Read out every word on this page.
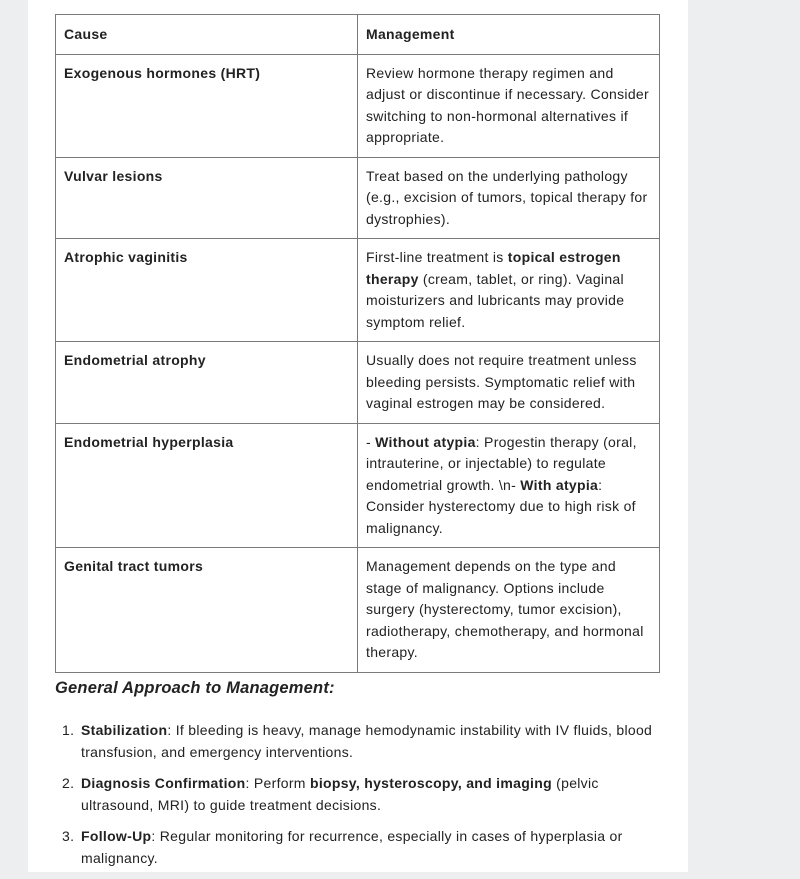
Cause	Management
Exogenous hormones (HRT)	Review hormone therapy regimen and adjust or discontinue if necessary. Consider switching to non-hormonal alternatives if appropriate.
Vulvar lesions	Treat based on the underlying pathology (e.g., excision of tumors, topical therapy for dystrophies).
Atrophic vaginitis	First-line treatment is topical estrogen therapy (cream, tablet, or ring). Vaginal moisturizers and lubricants may provide symptom relief.
Endometrial atrophy	Usually does not require treatment unless bleeding persists. Symptomatic relief with vaginal estrogen may be considered.
Endometrial hyperplasia	- Without atypia: Progestin therapy (oral, intrauterine, or injectable) to regulate endometrial growth. \n- With atypia: Consider hysterectomy due to high risk of malignancy.
Genital tract tumors	Management depends on the type and stage of malignancy. Options include surgery (hysterectomy, tumor excision), radiotherapy, chemotherapy, and hormonal therapy.
General Approach to Management:
1. Stabilization: If bleeding is heavy, manage hemodynamic instability with IV fluids, blood transfusion, and emergency interventions.
2. Diagnosis Confirmation: Perform biopsy, hysteroscopy, and imaging (pelvic ultrasound, MRI) to guide treatment decisions.
3. Follow-Up: Regular monitoring for recurrence, especially in cases of hyperplasia or malignancy.
